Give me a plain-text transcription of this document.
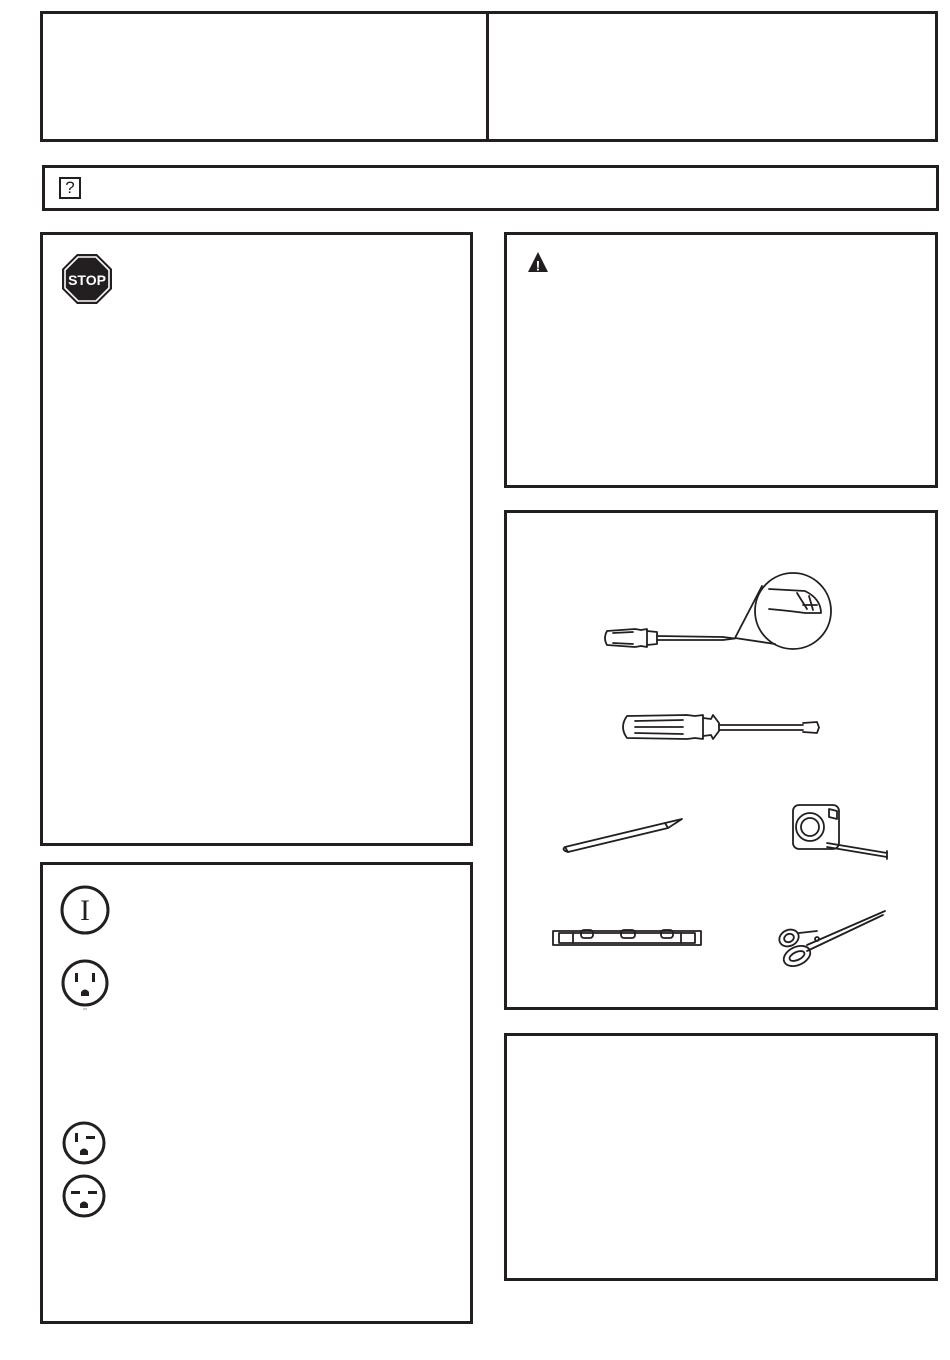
?
STOP
!
I
